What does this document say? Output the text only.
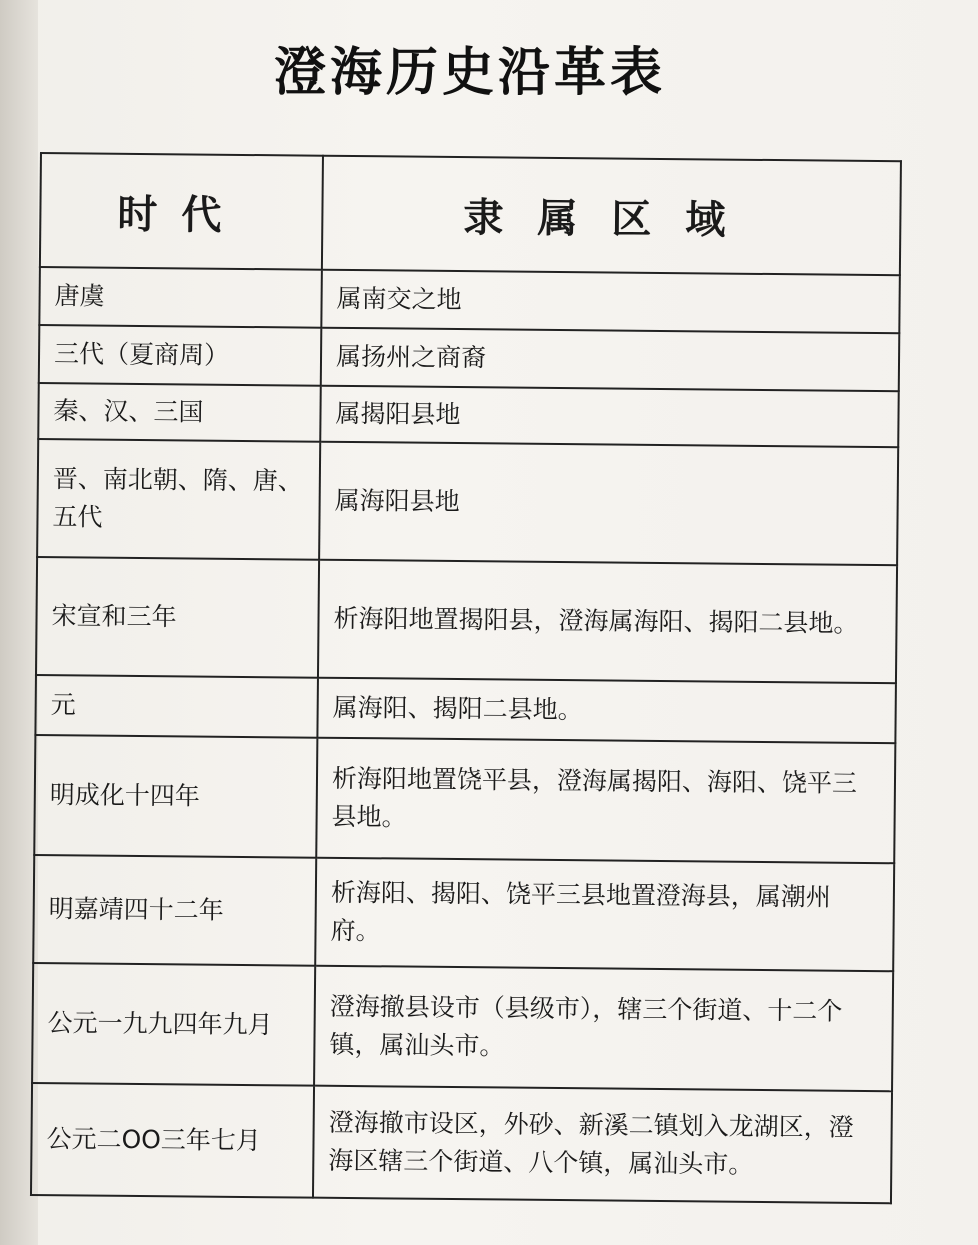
澄海历史沿革表
时代	隶属区域
唐虞	属南交之地
三代（夏商周）	属扬州之商裔
秦、汉、三国	属揭阳县地
晋、南北朝、隋、唐、五代	属海阳县地
宋宣和三年	析海阳地置揭阳县，澄海属海阳、揭阳二县地。
元	属海阳、揭阳二县地。
明成化十四年	析海阳地置饶平县，澄海属揭阳、海阳、饶平三县地。
明嘉靖四十二年	析海阳、揭阳、饶平三县地置澄海县，属潮州府。
公元一九九四年九月	澄海撤县设市（县级市），辖三个街道、十二个镇，属汕头市。
公元二OO三年七月	澄海撤市设区，外砂、新溪二镇划入龙湖区，澄海区辖三个街道、八个镇，属汕头市。
